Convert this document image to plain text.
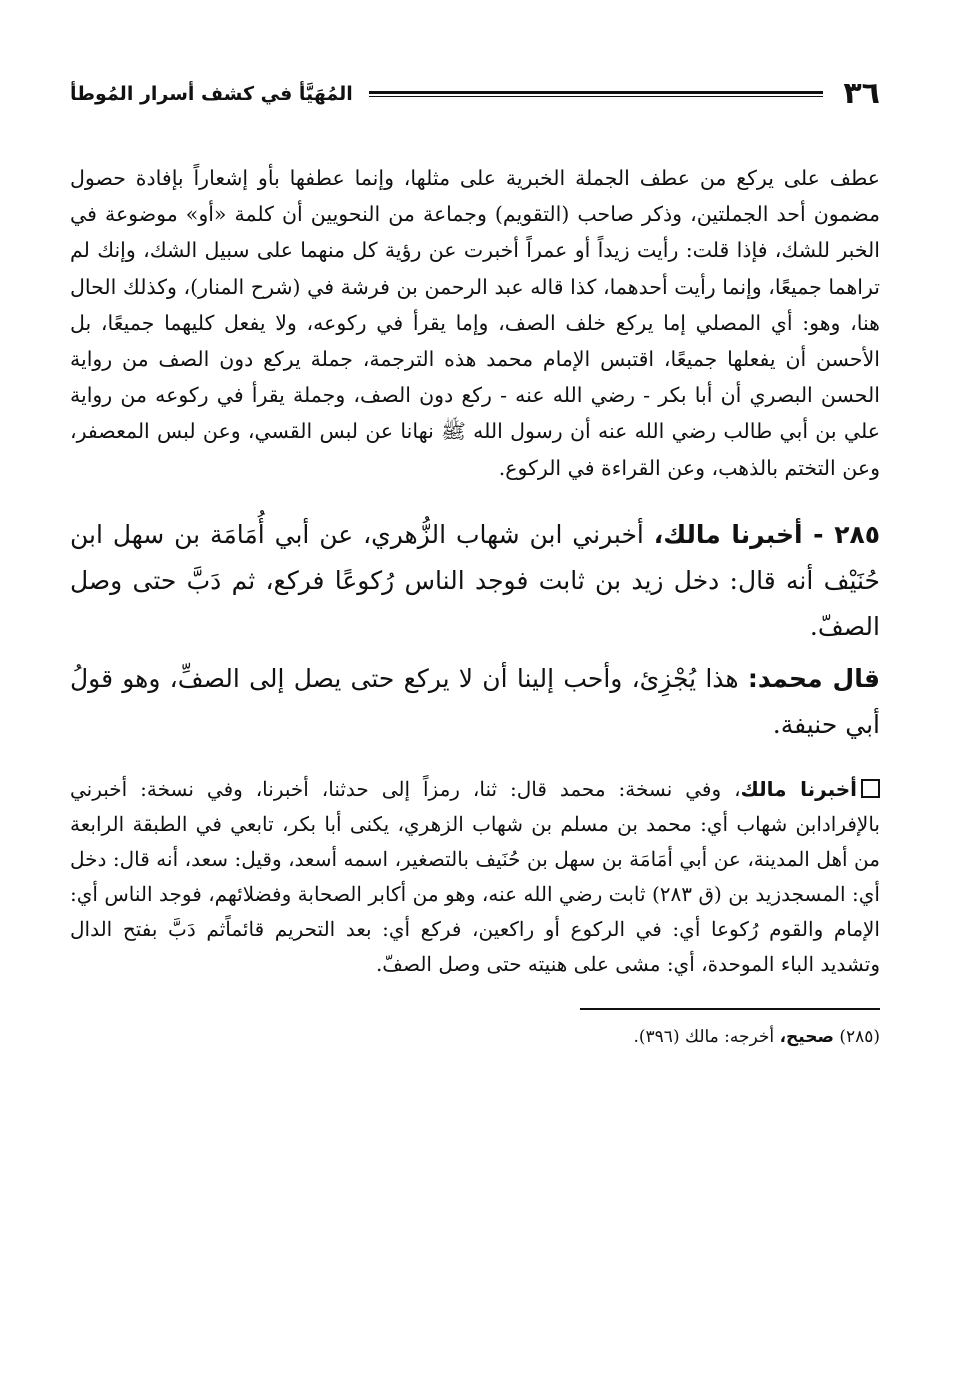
٣٦
المُهَيَّأ في كشف أسرار المُوطأ

عطف على يركع من عطف الجملة الخبرية على مثلها، وإنما عطفها بأو إشعاراً بإفادة حصول مضمون أحد الجملتين، وذكر صاحب (التقويم) وجماعة من النحويين أن كلمة «أو» موضوعة في الخبر للشك، فإذا قلت: رأيت زيداً أو عمراً أخبرت عن رؤية كل منهما على سبيل الشك، وإنك لم تراهما جميعًا، وإنما رأيت أحدهما، كذا قاله عبد الرحمن بن فرشة في (شرح المنار)، وكذلك الحال هنا، وهو: أي المصلي إما يركع خلف الصف، وإما يقرأ في ركوعه، ولا يفعل كليهما جميعًا، بل الأحسن أن يفعلها جميعًا، اقتبس الإمام محمد هذه الترجمة، جملة يركع دون الصف من رواية الحسن البصري أن أبا بكر - رضي الله عنه - ركع دون الصف، وجملة يقرأ في ركوعه من رواية علي بن أبي طالب رضي الله عنه أن رسول الله ﷺ نهانا عن لبس القسي، وعن لبس المعصفر، وعن التختم بالذهب، وعن القراءة في الركوع.

٢٨٥ - أخبرنا مالك، أخبرني ابن شهاب الزُّهري، عن أبي أُمَامَة بن سهل ابن حُنَيْف أنه قال: دخل زيد بن ثابت فوجد الناس رُكوعًا فركع، ثم دَبَّ حتى وصل الصفّ.

قال محمد: هذا يُجْزِئ، وأحب إلينا أن لا يركع حتى يصل إلى الصفِّ، وهو قولُ أبي حنيفة.

أخبرنا مالك، وفي نسخة: محمد قال: ثنا، رمزاً إلى حدثنا، أخبرنا، وفي نسخة: أخبرني بالإفرادابن شهاب أي: محمد بن مسلم بن شهاب الزهري، يكنى أبا بكر، تابعي في الطبقة الرابعة من أهل المدينة، عن أبي أمَامَة بن سهل بن حُنَيف بالتصغير، اسمه أسعد، وقيل: سعد، أنه قال: دخل أي: المسجدزيد بن (ق ٢٨٣) ثابت رضي الله عنه، وهو من أكابر الصحابة وفضلائهم، فوجد الناس أي: الإمام والقوم رُكوعا أي: في الركوع أو راكعين، فركع أي: بعد التحريم قائماًثم دَبَّ بفتح الدال وتشديد الباء الموحدة، أي: مشى على هنيته حتى وصل الصفّ.

(٢٨٥) صحيح، أخرجه: مالك (٣٩٦).
